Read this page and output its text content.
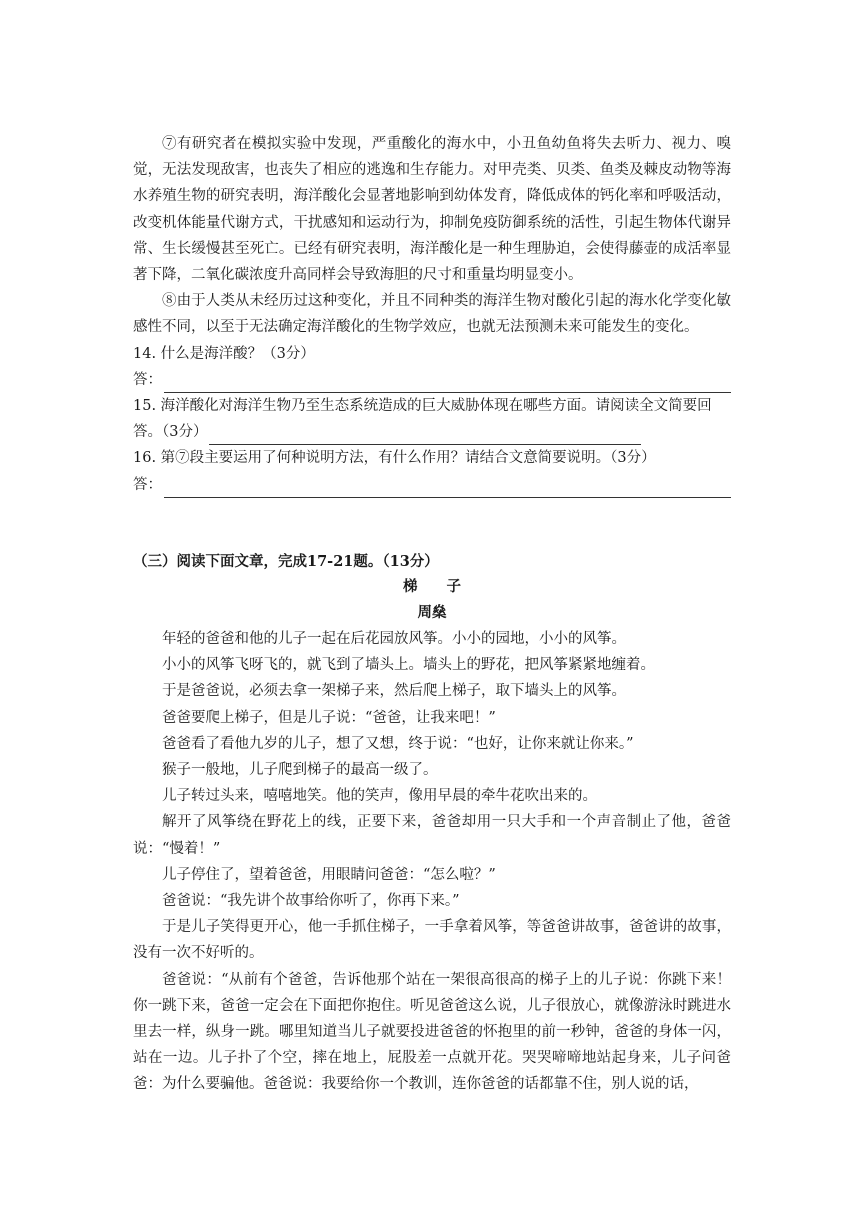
⑦有研究者在模拟实验中发现，严重酸化的海水中，小丑鱼幼鱼将失去听力、视力、嗅觉，无法发现敌害，也丧失了相应的逃逸和生存能力。对甲壳类、贝类、鱼类及棘皮动物等海水养殖生物的研究表明，海洋酸化会显著地影响到幼体发育，降低成体的钙化率和呼吸活动，改变机体能量代谢方式，干扰感知和运动行为，抑制免疫防御系统的活性，引起生物体代谢异常、生长缓慢甚至死亡。已经有研究表明，海洋酸化是一种生理胁迫，会使得藤壶的成活率显著下降，二氧化碳浓度升高同样会导致海胆的尺寸和重量均明显变小。

⑧由于人类从未经历过这种变化，并且不同种类的海洋生物对酸化引起的海水化学变化敏感性不同，以至于无法确定海洋酸化的生物学效应，也就无法预测未来可能发生的变化。

14. 什么是海洋酸？（3分）

答：

15. 海洋酸化对海洋生物乃至生态系统造成的巨大威胁体现在哪些方面。请阅读全文简要回

答。（3分）

16. 第⑦段主要运用了何种说明方法，有什么作用？请结合文意简要说明。（3分）

答：

（三）阅读下面文章，完成17-21题。（13分）

梯子

周燊

年轻的爸爸和他的儿子一起在后花园放风筝。小小的园地，小小的风筝。

小小的风筝飞呀飞的，就飞到了墙头上。墙头上的野花，把风筝紧紧地缠着。

于是爸爸说，必须去拿一架梯子来，然后爬上梯子，取下墙头上的风筝。

爸爸要爬上梯子，但是儿子说：“爸爸，让我来吧！”

爸爸看了看他九岁的儿子，想了又想，终于说：“也好，让你来就让你来。”

猴子一般地，儿子爬到梯子的最高一级了。

儿子转过头来，嘻嘻地笑。他的笑声，像用早晨的牵牛花吹出来的。

解开了风筝绕在野花上的线，正要下来，爸爸却用一只大手和一个声音制止了他，爸爸说：“慢着！”

儿子停住了，望着爸爸，用眼睛问爸爸：“怎么啦？”

爸爸说：“我先讲个故事给你听了，你再下来。”

于是儿子笑得更开心，他一手抓住梯子，一手拿着风筝，等爸爸讲故事，爸爸讲的故事，没有一次不好听的。

爸爸说：“从前有个爸爸，告诉他那个站在一架很高很高的梯子上的儿子说：你跳下来！你一跳下来，爸爸一定会在下面把你抱住。听见爸爸这么说，儿子很放心，就像游泳时跳进水里去一样，纵身一跳。哪里知道当儿子就要投进爸爸的怀抱里的前一秒钟，爸爸的身体一闪，站在一边。儿子扑了个空，摔在地上，屁股差一点就开花。哭哭啼啼地站起身来，儿子问爸爸：为什么要骗他。爸爸说：我要给你一个教训，连你爸爸的话都靠不住，别人说的话，
